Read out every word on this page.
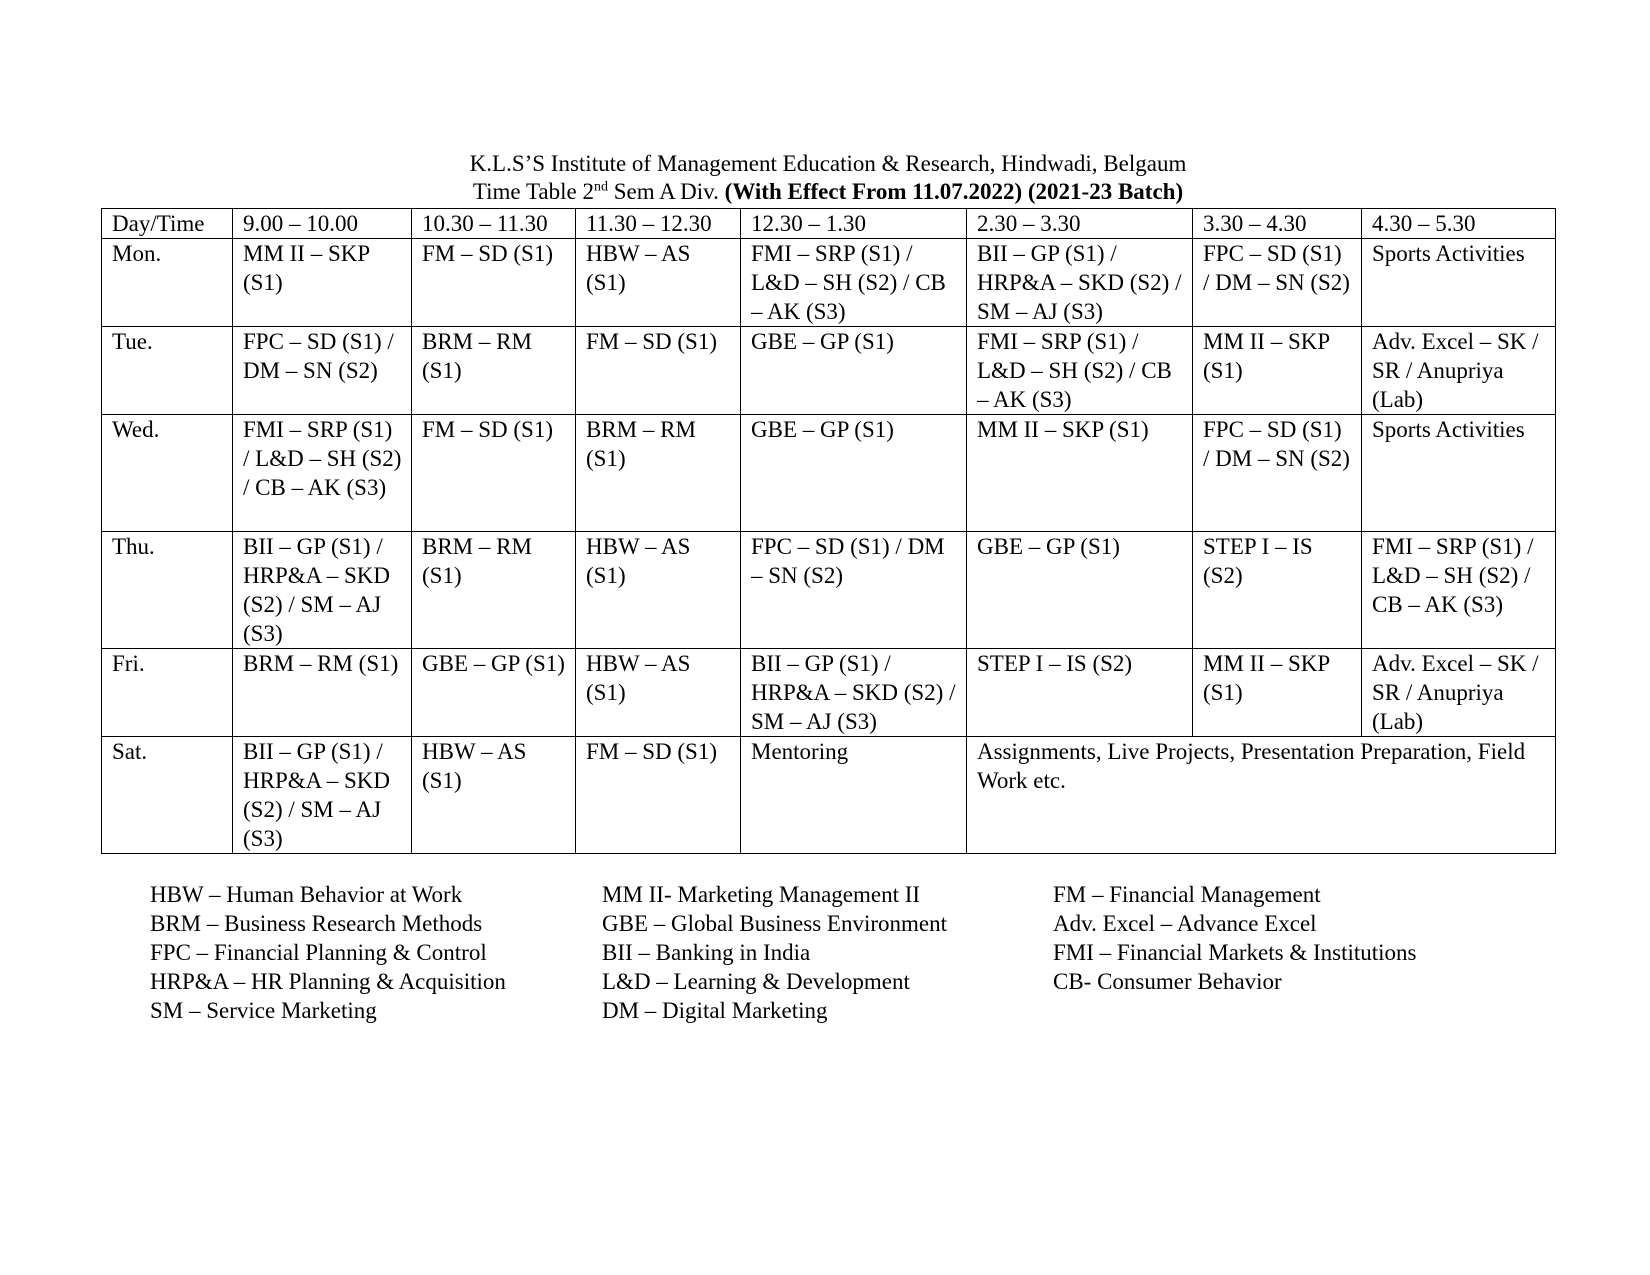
K.L.S’S Institute of Management Education & Research, Hindwadi, Belgaum
Time Table 2nd Sem A Div. (With Effect From 11.07.2022) (2021-23 Batch)
Day/Time	9.00 – 10.00	10.30 – 11.30	11.30 – 12.30	12.30 – 1.30	2.30 – 3.30	3.30 – 4.30	4.30 – 5.30
Mon.	MM II – SKP (S1)	FM – SD (S1)	HBW – AS (S1)	FMI – SRP (S1) / L&D – SH (S2) / CB – AK (S3)	BII – GP (S1) / HRP&A – SKD (S2) / SM – AJ (S3)	FPC – SD (S1) / DM – SN (S2)	Sports Activities
Tue.	FPC – SD (S1) / DM – SN (S2)	BRM – RM (S1)	FM – SD (S1)	GBE – GP (S1)	FMI – SRP (S1) / L&D – SH (S2) / CB – AK (S3)	MM II – SKP (S1)	Adv. Excel – SK / SR / Anupriya (Lab)
Wed.	FMI – SRP (S1) / L&D – SH (S2) / CB – AK (S3)	FM – SD (S1)	BRM – RM (S1)	GBE – GP (S1)	MM II – SKP (S1)	FPC – SD (S1) / DM – SN (S2)	Sports Activities
Thu.	BII – GP (S1) / HRP&A – SKD (S2) / SM – AJ (S3)	BRM – RM (S1)	HBW – AS (S1)	FPC – SD (S1) / DM – SN (S2)	GBE – GP (S1)	STEP I – IS (S2)	FMI – SRP (S1) / L&D – SH (S2) / CB – AK (S3)
Fri.	BRM – RM (S1)	GBE – GP (S1)	HBW – AS (S1)	BII – GP (S1) / HRP&A – SKD (S2) / SM – AJ (S3)	STEP I – IS (S2)	MM II – SKP (S1)	Adv. Excel – SK / SR / Anupriya (Lab)
Sat.	BII – GP (S1) / HRP&A – SKD (S2) / SM – AJ (S3)	HBW – AS (S1)	FM – SD (S1)	Mentoring	Assignments, Live Projects, Presentation Preparation, Field Work etc.		
HBW – Human Behavior at Work
BRM – Business Research Methods
FPC – Financial Planning & Control
HRP&A – HR Planning & Acquisition
SM – Service Marketing
MM II- Marketing Management II
GBE – Global Business Environment
BII – Banking in India
L&D – Learning & Development
DM – Digital Marketing
FM – Financial Management
Adv. Excel – Advance Excel
FMI – Financial Markets & Institutions
CB- Consumer Behavior
